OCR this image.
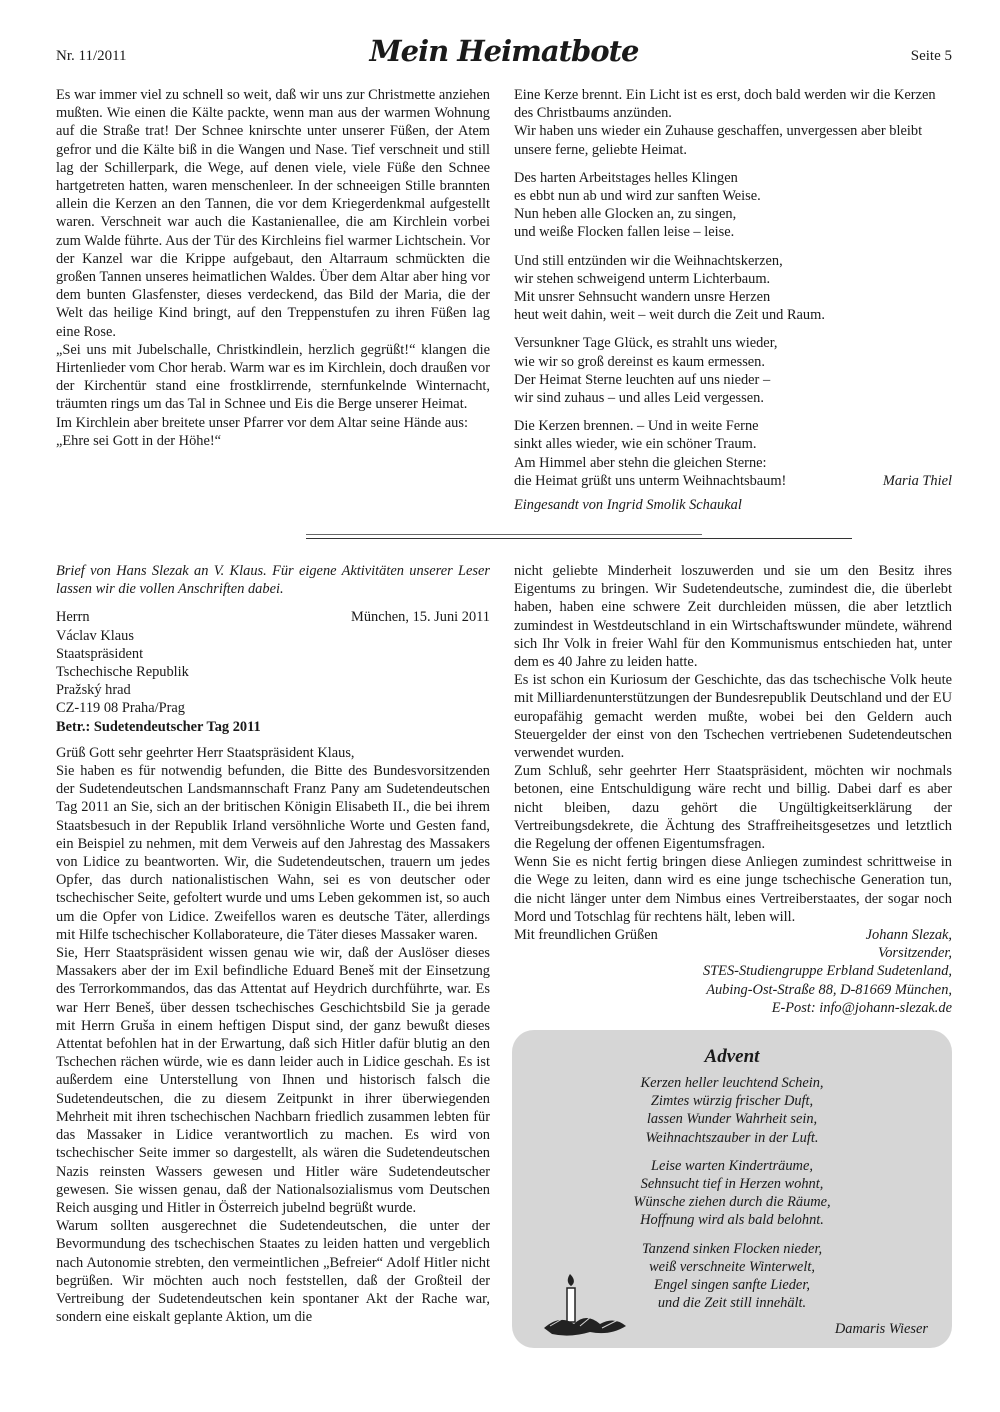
Nr. 11/2011	Mein Heimatbote	Seite 5

Es war immer viel zu schnell so weit, daß wir uns zur Christmette anziehen mußten. Wie einen die Kälte packte, wenn man aus der warmen Wohnung auf die Straße trat! Der Schnee knirschte unter unserer Füßen, der Atem gefror und die Kälte biß in die Wangen und Nase. Tief verschneit und still lag der Schillerpark, die Wege, auf denen viele, viele Füße den Schnee hartgetreten hatten, waren menschenleer. In der schneeigen Stille brannten allein die Kerzen an den Tannen, die vor dem Kriegerdenkmal aufgestellt waren. Verschneit war auch die Kastanienallee, die am Kirchlein vorbei zum Walde führte. Aus der Tür des Kirchleins fiel warmer Lichtschein. Vor der Kanzel war die Krippe aufgebaut, den Altarraum schmückten die großen Tannen unseres heimatlichen Waldes. Über dem Altar aber hing vor dem bunten Glasfenster, dieses verdeckend, das Bild der Maria, die der Welt das heilige Kind bringt, auf den Treppenstufen zu ihren Füßen lag eine Rose.

„Sei uns mit Jubelschalle, Christkindlein, herzlich gegrüßt!“ klangen die Hirtenlieder vom Chor herab. Warm war es im Kirchlein, doch draußen vor der Kirchentür stand eine frostklirrende, sternfunkelnde Winternacht, träumten rings um das Tal in Schnee und Eis die Berge unserer Heimat.

Im Kirchlein aber breitete unser Pfarrer vor dem Altar seine Hände aus:

„Ehre sei Gott in der Höhe!“

Eine Kerze brennt. Ein Licht ist es erst, doch bald werden wir die Kerzen des Christbaums anzünden.

Wir haben uns wieder ein Zuhause geschaffen, unvergessen aber bleibt unsere ferne, geliebte Heimat.

Des harten Arbeitstages helles Klingen

es ebbt nun ab und wird zur sanften Weise.

Nun heben alle Glocken an, zu singen,

und weiße Flocken fallen leise – leise.

Und still entzünden wir die Weihnachtskerzen,

wir stehen schweigend unterm Lichterbaum.

Mit unsrer Sehnsucht wandern unsre Herzen

heut weit dahin, weit – weit durch die Zeit und Raum.

Versunkner Tage Glück, es strahlt uns wieder,

wie wir so groß dereinst es kaum ermessen.

Der Heimat Sterne leuchten auf uns nieder –

wir sind zuhaus – und alles Leid vergessen.

Die Kerzen brennen. – Und in weite Ferne

sinkt alles wieder, wie ein schöner Traum.

Am Himmel aber stehn die gleichen Sterne:

die Heimat grüßt uns unterm Weihnachtsbaum!	Maria Thiel

Eingesandt von Ingrid Smolik Schaukal

Brief von Hans Slezak an V. Klaus. Für eigene Aktivitäten unserer Leser lassen wir die vollen Anschriften dabei.

Herrn	München, 15. Juni 2011

Václav Klaus

Staatspräsident

Tschechische Republik

Pražský hrad

CZ-119 08 Praha/Prag

Betr.: Sudetendeutscher Tag 2011

Grüß Gott sehr geehrter Herr Staatspräsident Klaus,

Sie haben es für notwendig befunden, die Bitte des Bundesvorsitzenden der Sudetendeutschen Landsmannschaft Franz Pany am Sudetendeutschen Tag 2011 an Sie, sich an der britischen Königin Elisabeth II., die bei ihrem Staatsbesuch in der Republik Irland versöhnliche Worte und Gesten fand, ein Beispiel zu nehmen, mit dem Verweis auf den Jahrestag des Massakers von Lidice zu beantworten. Wir, die Sudetendeutschen, trauern um jedes Opfer, das durch nationalistischen Wahn, sei es von deutscher oder tschechischer Seite, gefoltert wurde und ums Leben gekommen ist, so auch um die Opfer von Lidice. Zweifellos waren es deutsche Täter, allerdings mit Hilfe tschechischer Kollaborateure, die Täter dieses Massaker waren.

Sie, Herr Staatspräsident wissen genau wie wir, daß der Auslöser dieses Massakers aber der im Exil befindliche Eduard Beneš mit der Einsetzung des Terrorkommandos, das das Attentat auf Heydrich durchführte, war. Es war Herr Beneš, über dessen tschechisches Geschichtsbild Sie ja gerade mit Herrn Gruša in einem heftigen Disput sind, der ganz bewußt dieses Attentat befohlen hat in der Erwartung, daß sich Hitler dafür blutig an den Tschechen rächen würde, wie es dann leider auch in Lidice geschah. Es ist außerdem eine Unterstellung von Ihnen und historisch falsch die Sudetendeutschen, die zu diesem Zeitpunkt in ihrer überwiegenden Mehrheit mit ihren tschechischen Nachbarn friedlich zusammen lebten für das Massaker in Lidice verantwortlich zu machen. Es wird von tschechischer Seite immer so dargestellt, als wären die Sudetendeutschen Nazis reinsten Wassers gewesen und Hitler wäre Sudetendeutscher gewesen. Sie wissen genau, daß der Nationalsozialismus vom Deutschen Reich ausging und Hitler in Österreich jubelnd begrüßt wurde.

Warum sollten ausgerechnet die Sudetendeutschen, die unter der Bevormundung des tschechischen Staates zu leiden hatten und vergeblich nach Autonomie strebten, den vermeintlichen „Befreier“ Adolf Hitler nicht begrüßen. Wir möchten auch noch feststellen, daß der Großteil der Vertreibung der Sudetendeutschen kein spontaner Akt der Rache war, sondern eine eiskalt geplante Aktion, um die

nicht geliebte Minderheit loszuwerden und sie um den Besitz ihres Eigentums zu bringen. Wir Sudetendeutsche, zumindest die, die überlebt haben, haben eine schwere Zeit durchleiden müssen, die aber letztlich zumindest in Westdeutschland in ein Wirtschaftswunder mündete, während sich Ihr Volk in freier Wahl für den Kommunismus entschieden hat, unter dem es 40 Jahre zu leiden hatte.

Es ist schon ein Kuriosum der Geschichte, das das tschechische Volk heute mit Milliardenunterstützungen der Bundesrepublik Deutschland und der EU europafähig gemacht werden mußte, wobei bei den Geldern auch Steuergelder der einst von den Tschechen vertriebenen Sudetendeutschen verwendet wurden.

Zum Schluß, sehr geehrter Herr Staatspräsident, möchten wir nochmals betonen, eine Entschuldigung wäre recht und billig. Dabei darf es aber nicht bleiben, dazu gehört die Ungültigkeitserklärung der Vertreibungsdekrete, die Ächtung des Straffreiheitsgesetzes und letztlich die Regelung der offenen Eigentumsfragen.

Wenn Sie es nicht fertig bringen diese Anliegen zumindest schrittweise in die Wege zu leiten, dann wird es eine junge tschechische Generation tun, die nicht länger unter dem Nimbus eines Vertreiberstaates, der sogar noch Mord und Totschlag für rechtens hält, leben will.

Mit freundlichen Grüßen	Johann Slezak,

Vorsitzender,

STES-Studiengruppe Erbland Sudetenland,

Aubing-Ost-Straße 88, D-81669 München,

E-Post: info@johann-slezak.de

Advent
Kerzen heller leuchtend Schein,
Zimtes würzig frischer Duft,
lassen Wunder Wahrheit sein,
Weihnachtszauber in der Luft.
Leise warten Kinderträume,
Sehnsucht tief in Herzen wohnt,
Wünsche ziehen durch die Räume,
Hoffnung wird als bald belohnt.
Tanzend sinken Flocken nieder,
weiß verschneite Winterwelt,
Engel singen sanfte Lieder,
und die Zeit still innehält.
Damaris Wieser
